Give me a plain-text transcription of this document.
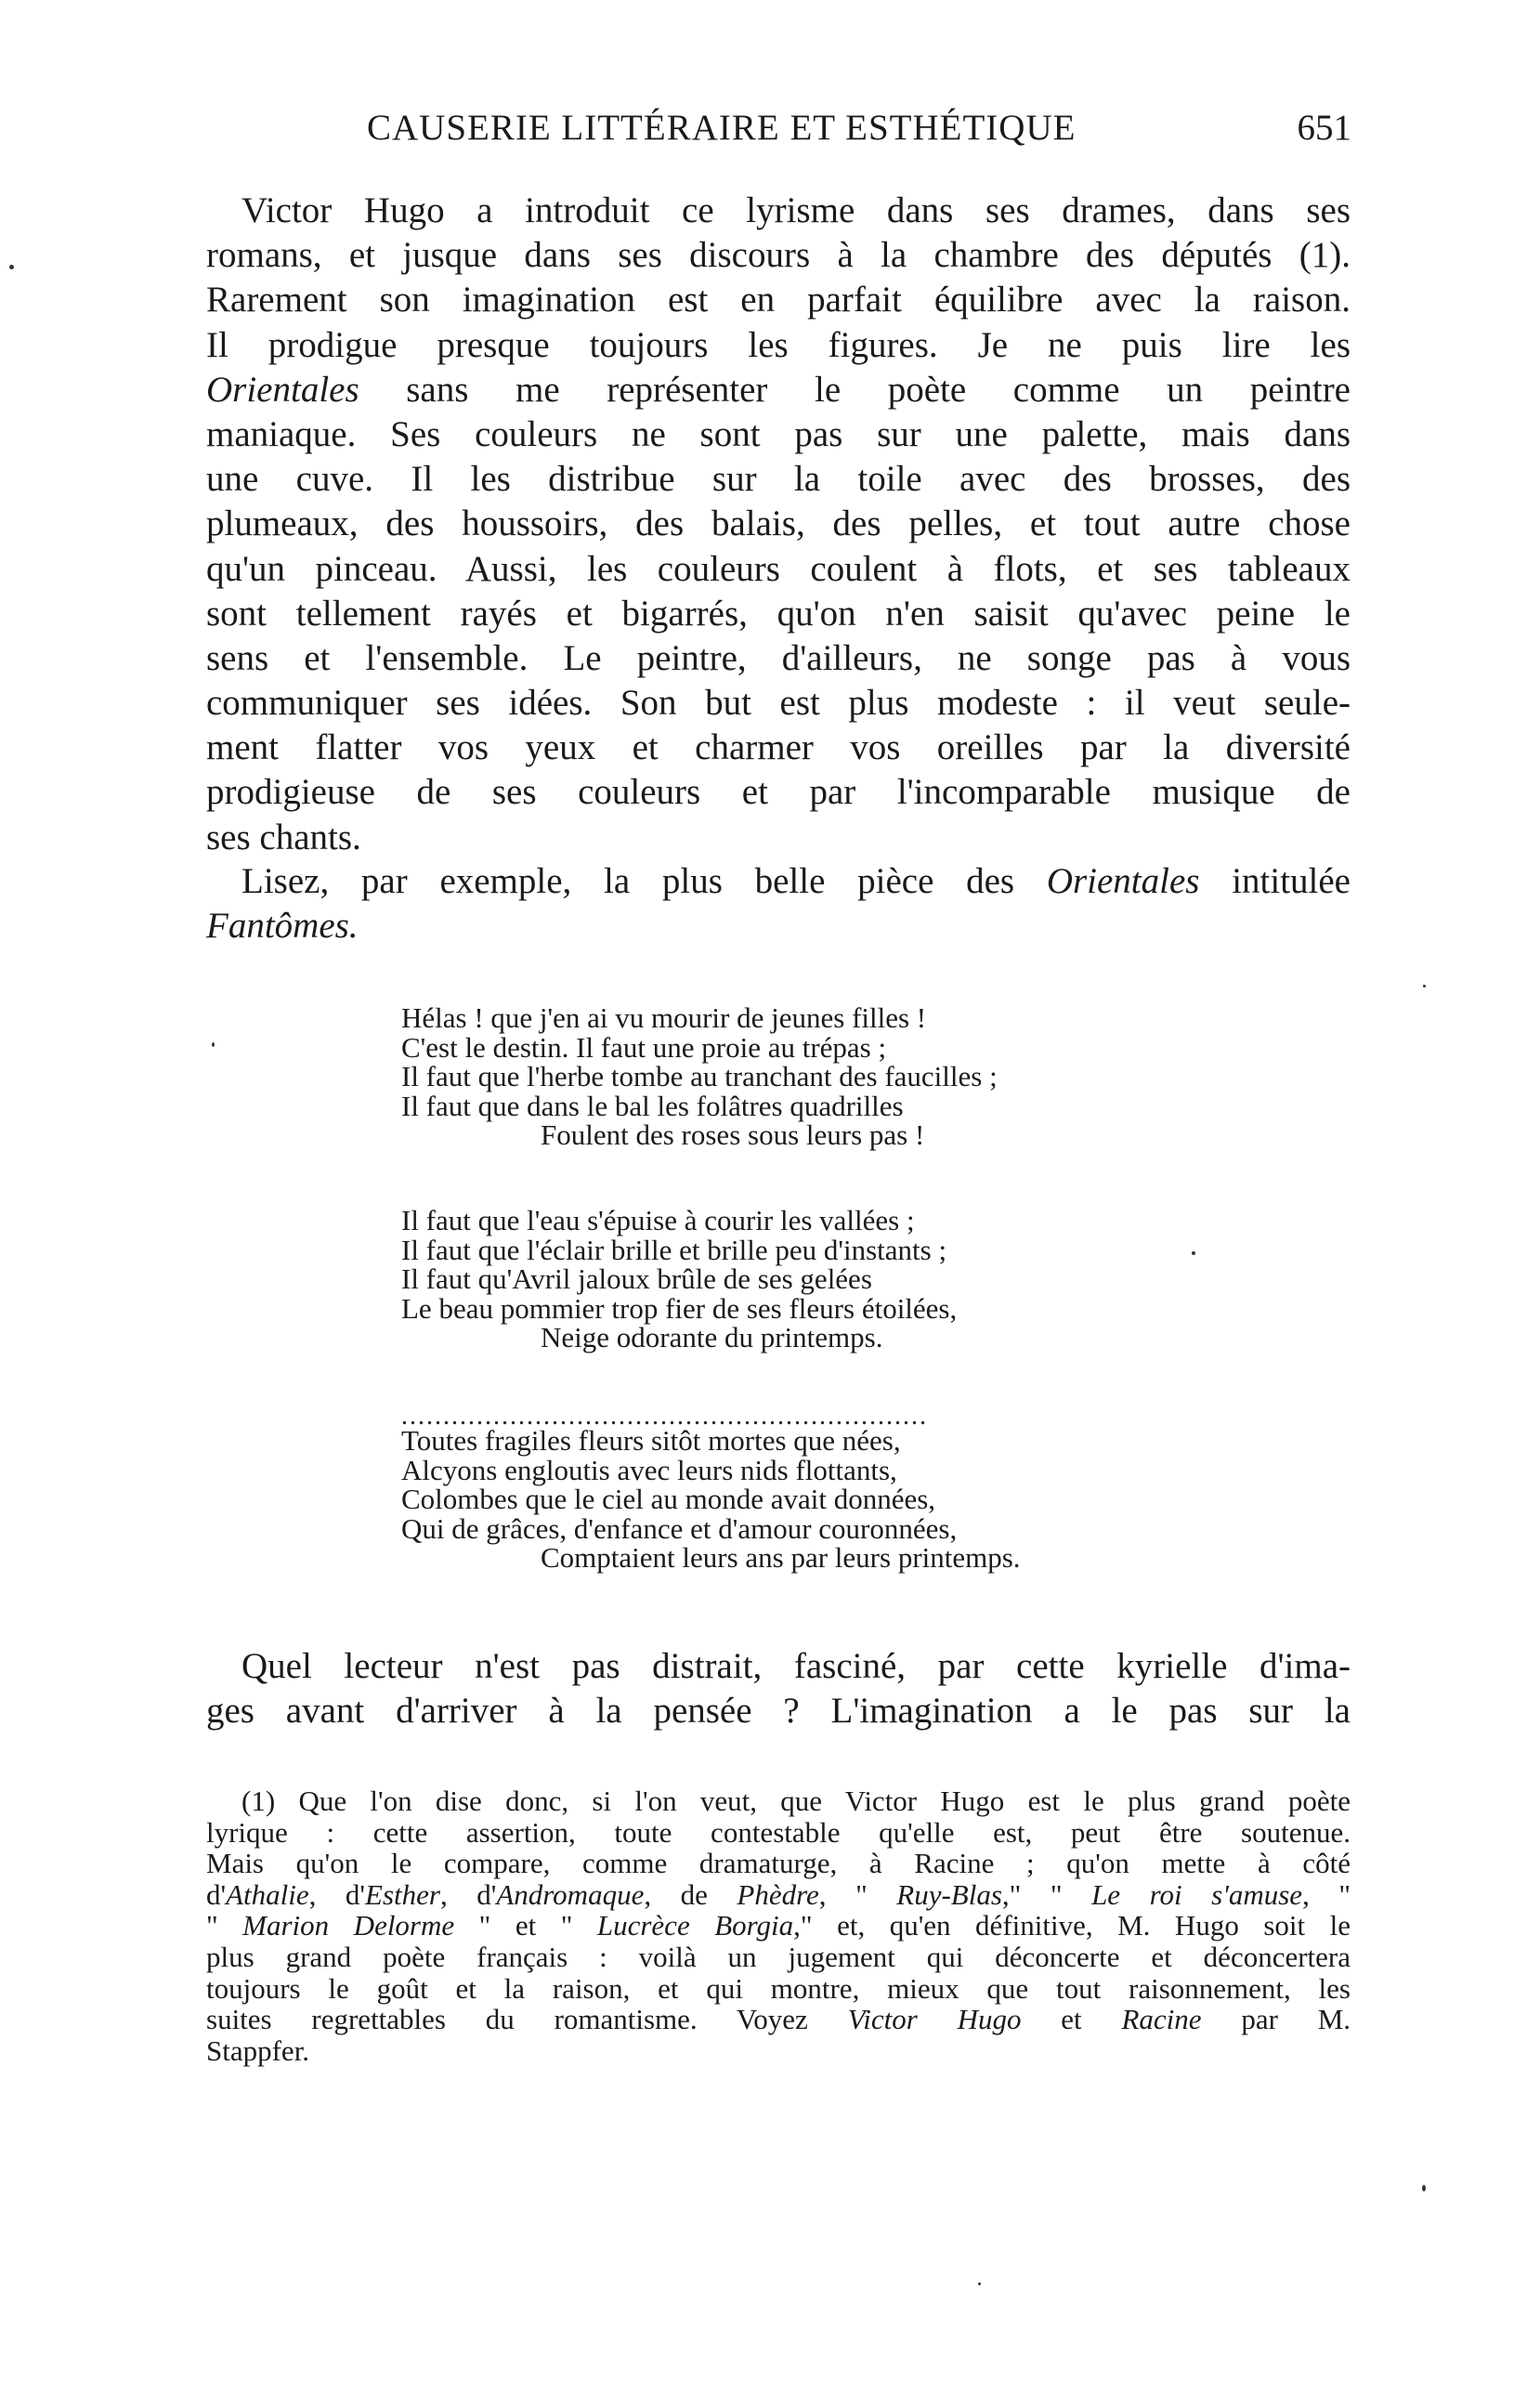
CAUSERIE LITTÉRAIRE ET ESTHÉTIQUE	651
Victor Hugo a introduit ce lyrisme dans ses drames, dans ses
romans, et jusque dans ses discours à la chambre des députés (1).
Rarement son imagination est en parfait équilibre avec la raison.
Il prodigue presque toujours les figures. Je ne puis lire les
Orientales sans me représenter le poète comme un peintre
maniaque. Ses couleurs ne sont pas sur une palette, mais dans
une cuve. Il les distribue sur la toile avec des brosses, des
plumeaux, des houssoirs, des balais, des pelles, et tout autre chose
qu'un pinceau. Aussi, les couleurs coulent à flots, et ses tableaux
sont tellement rayés et bigarrés, qu'on n'en saisit qu'avec peine le
sens et l'ensemble. Le peintre, d'ailleurs, ne songe pas à vous
communiquer ses idées. Son but est plus modeste : il veut seule-
ment flatter vos yeux et charmer vos oreilles par la diversité
prodigieuse de ses couleurs et par l'incomparable musique de
ses chants.
Lisez, par exemple, la plus belle pièce des Orientales intitulée
Fantômes.
Hélas ! que j'en ai vu mourir de jeunes filles !
C'est le destin. Il faut une proie au trépas ;
Il faut que l'herbe tombe au tranchant des faucilles ;
Il faut que dans le bal les folâtres quadrilles
Foulent des roses sous leurs pas !
Il faut que l'eau s'épuise à courir les vallées ;
Il faut que l'éclair brille et brille peu d'instants ;
Il faut qu'Avril jaloux brûle de ses gelées
Le beau pommier trop fier de ses fleurs étoilées,
Neige odorante du printemps.
...............................................................
Toutes fragiles fleurs sitôt mortes que nées,
Alcyons engloutis avec leurs nids flottants,
Colombes que le ciel au monde avait données,
Qui de grâces, d'enfance et d'amour couronnées,
Comptaient leurs ans par leurs printemps.
Quel lecteur n'est pas distrait, fasciné, par cette kyrielle d'ima-
ges avant d'arriver à la pensée ? L'imagination a le pas sur la
(1) Que l'on dise donc, si l'on veut, que Victor Hugo est le plus grand poète
lyrique : cette assertion, toute contestable qu'elle est, peut être soutenue.
Mais qu'on le compare, comme dramaturge, à Racine ; qu'on mette à côté
d'Athalie, d'Esther, d'Andromaque, de Phèdre, " Ruy-Blas," " Le roi s'amuse, "
" Marion Delorme " et " Lucrèce Borgia," et, qu'en définitive, M. Hugo soit le
plus grand poète français : voilà un jugement qui déconcerte et déconcertera
toujours le goût et la raison, et qui montre, mieux que tout raisonnement, les
suites regrettables du romantisme. Voyez Victor Hugo et Racine par M.
Stappfer.
